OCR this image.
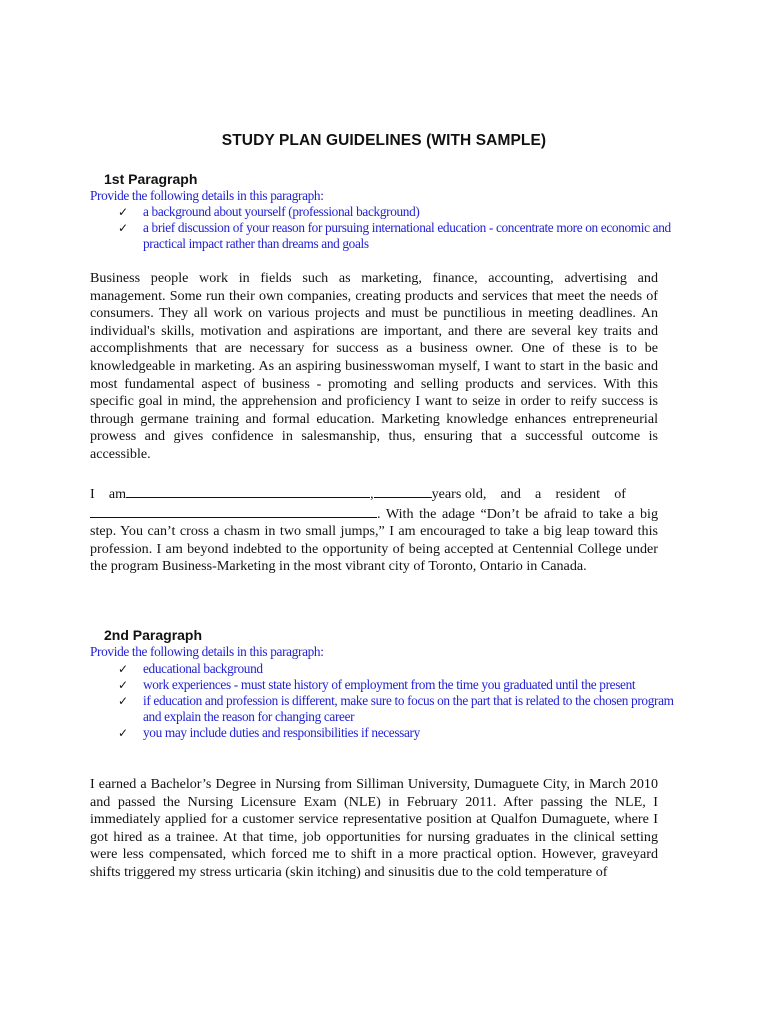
STUDY PLAN GUIDELINES (WITH SAMPLE)
1st Paragraph
Provide the following details in this paragraph:
✓ a background about yourself (professional background)
✓ a brief discussion of your reason for pursuing international education - concentrate more on economic and practical impact rather than dreams and goals

Business people work in fields such as marketing, finance, accounting, advertising and management. Some run their own companies, creating products and services that meet the needs of consumers. They all work on various projects and must be punctilious in meeting deadlines. An individual's skills, motivation and aspirations are important, and there are several key traits and accomplishments that are necessary for success as a business owner. One of these is to be knowledgeable in marketing. As an aspiring businesswoman myself, I want to start in the basic and most fundamental aspect of business - promoting and selling products and services. With this specific goal in mind, the apprehension and proficiency I want to seize in order to reify success is through germane training and formal education. Marketing knowledge enhances entrepreneurial prowess and gives confidence in salesmanship, thus, ensuring that a successful outcome is accessible.

I am	,	years old, and a resident of
. With the adage “Don’t be afraid to take a big step. You can’t cross a chasm in two small jumps,” I am encouraged to take a big leap toward this profession. I am beyond indebted to the opportunity of being accepted at Centennial College under the program Business-Marketing in the most vibrant city of Toronto, Ontario in Canada.
2nd Paragraph
Provide the following details in this paragraph:
✓ educational background
✓ work experiences - must state history of employment from the time you graduated until the present
✓ if education and profession is different, make sure to focus on the part that is related to the chosen program and explain the reason for changing career
✓ you may include duties and responsibilities if necessary

I earned a Bachelor’s Degree in Nursing from Silliman University, Dumaguete City, in March 2010 and passed the Nursing Licensure Exam (NLE) in February 2011. After passing the NLE, I immediately applied for a customer service representative position at Qualfon Dumaguete, where I got hired as a trainee. At that time, job opportunities for nursing graduates in the clinical setting were less compensated, which forced me to shift in a more practical option. However, graveyard shifts triggered my stress urticaria (skin itching) and sinusitis due to the cold temperature of
